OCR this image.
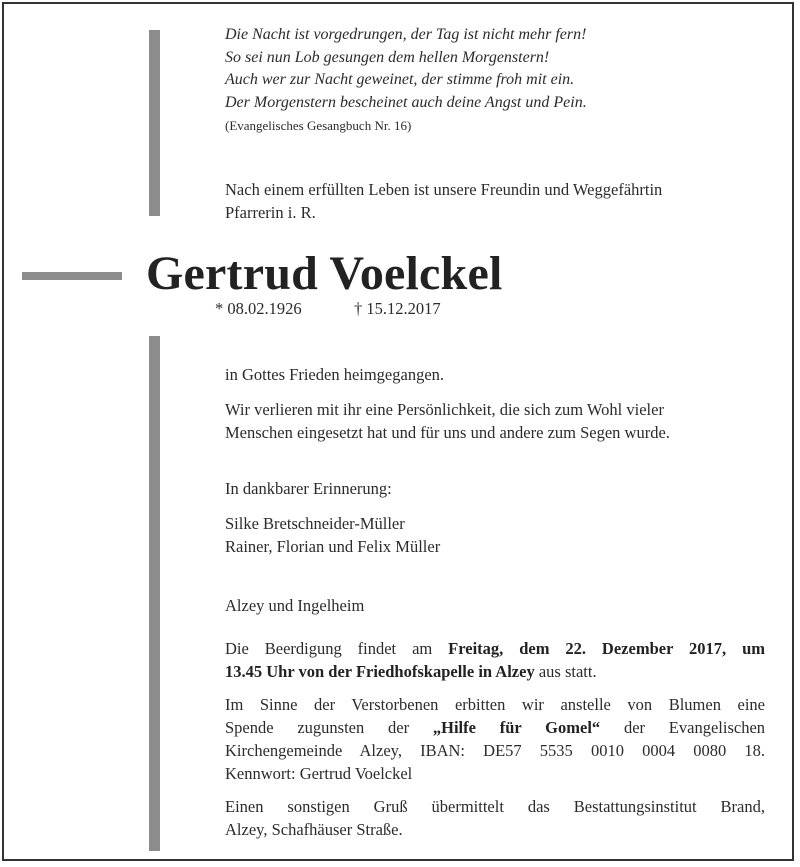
Die Nacht ist vorgedrungen, der Tag ist nicht mehr fern!
So sei nun Lob gesungen dem hellen Morgenstern!
Auch wer zur Nacht geweinet, der stimme froh mit ein.
Der Morgenstern bescheinet auch deine Angst und Pein.
(Evangelisches Gesangbuch Nr. 16)
Nach einem erfüllten Leben ist unsere Freundin und Weggefährtin
Pfarrerin i. R.
Gertrud Voelckel
* 08.02.1926	† 15.12.2017
in Gottes Frieden heimgegangen.
Wir verlieren mit ihr eine Persönlichkeit, die sich zum Wohl vieler
Menschen eingesetzt hat und für uns und andere zum Segen wurde.
In dankbarer Erinnerung:
Silke Bretschneider-Müller
Rainer, Florian und Felix Müller
Alzey und Ingelheim
Die Beerdigung findet am Freitag, dem 22. Dezember 2017, um
13.45 Uhr von der Friedhofskapelle in Alzey aus statt.
Im Sinne der Verstorbenen erbitten wir anstelle von Blumen eine
Spende zugunsten der „Hilfe für Gomel“ der Evangelischen
Kirchengemeinde Alzey, IBAN: DE57 5535 0010 0004 0080 18.
Kennwort: Gertrud Voelckel
Einen sonstigen Gruß übermittelt das Bestattungsinstitut Brand,
Alzey, Schafhäuser Straße.
